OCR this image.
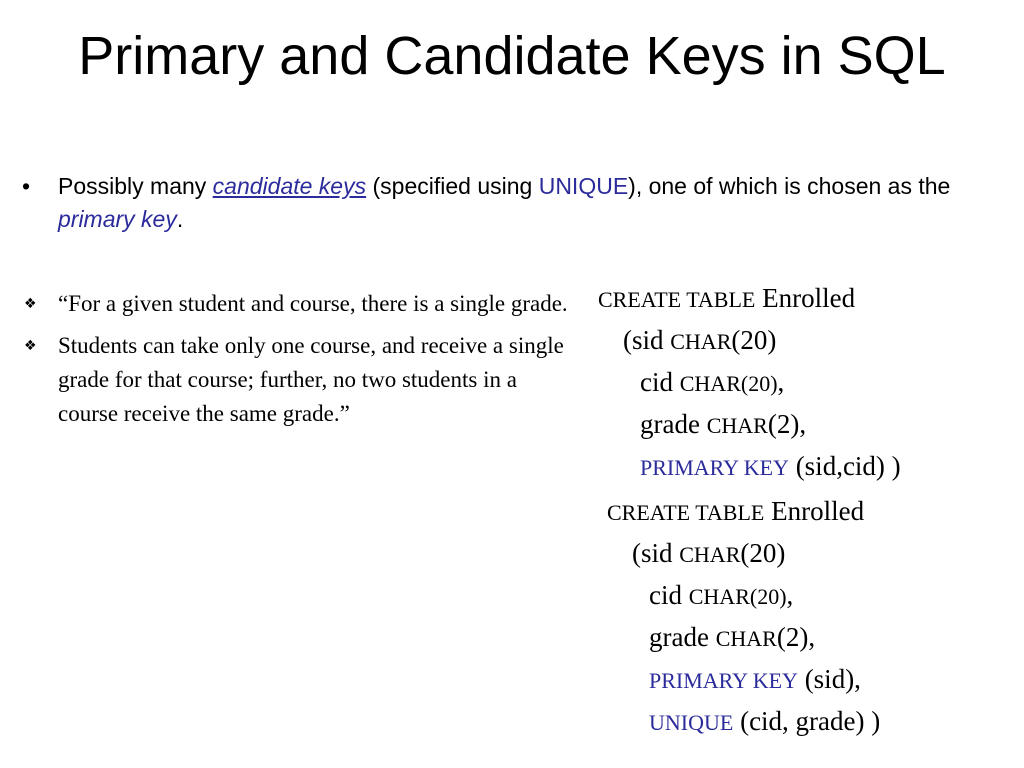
Primary and Candidate Keys in SQL
• Possibly many candidate keys (specified using UNIQUE), one of which is chosen as the primary key.
❖ “For a given student and course, there is a single grade.
❖ Students can take only one course, and receive a single grade for that course; further, no two students in a course receive the same grade.”
CREATE TABLE Enrolled
(sid CHAR(20)
cid CHAR(20),
grade CHAR(2),
PRIMARY KEY (sid,cid) )
CREATE TABLE Enrolled
(sid CHAR(20)
cid CHAR(20),
grade CHAR(2),
PRIMARY KEY (sid),
UNIQUE (cid, grade) )
